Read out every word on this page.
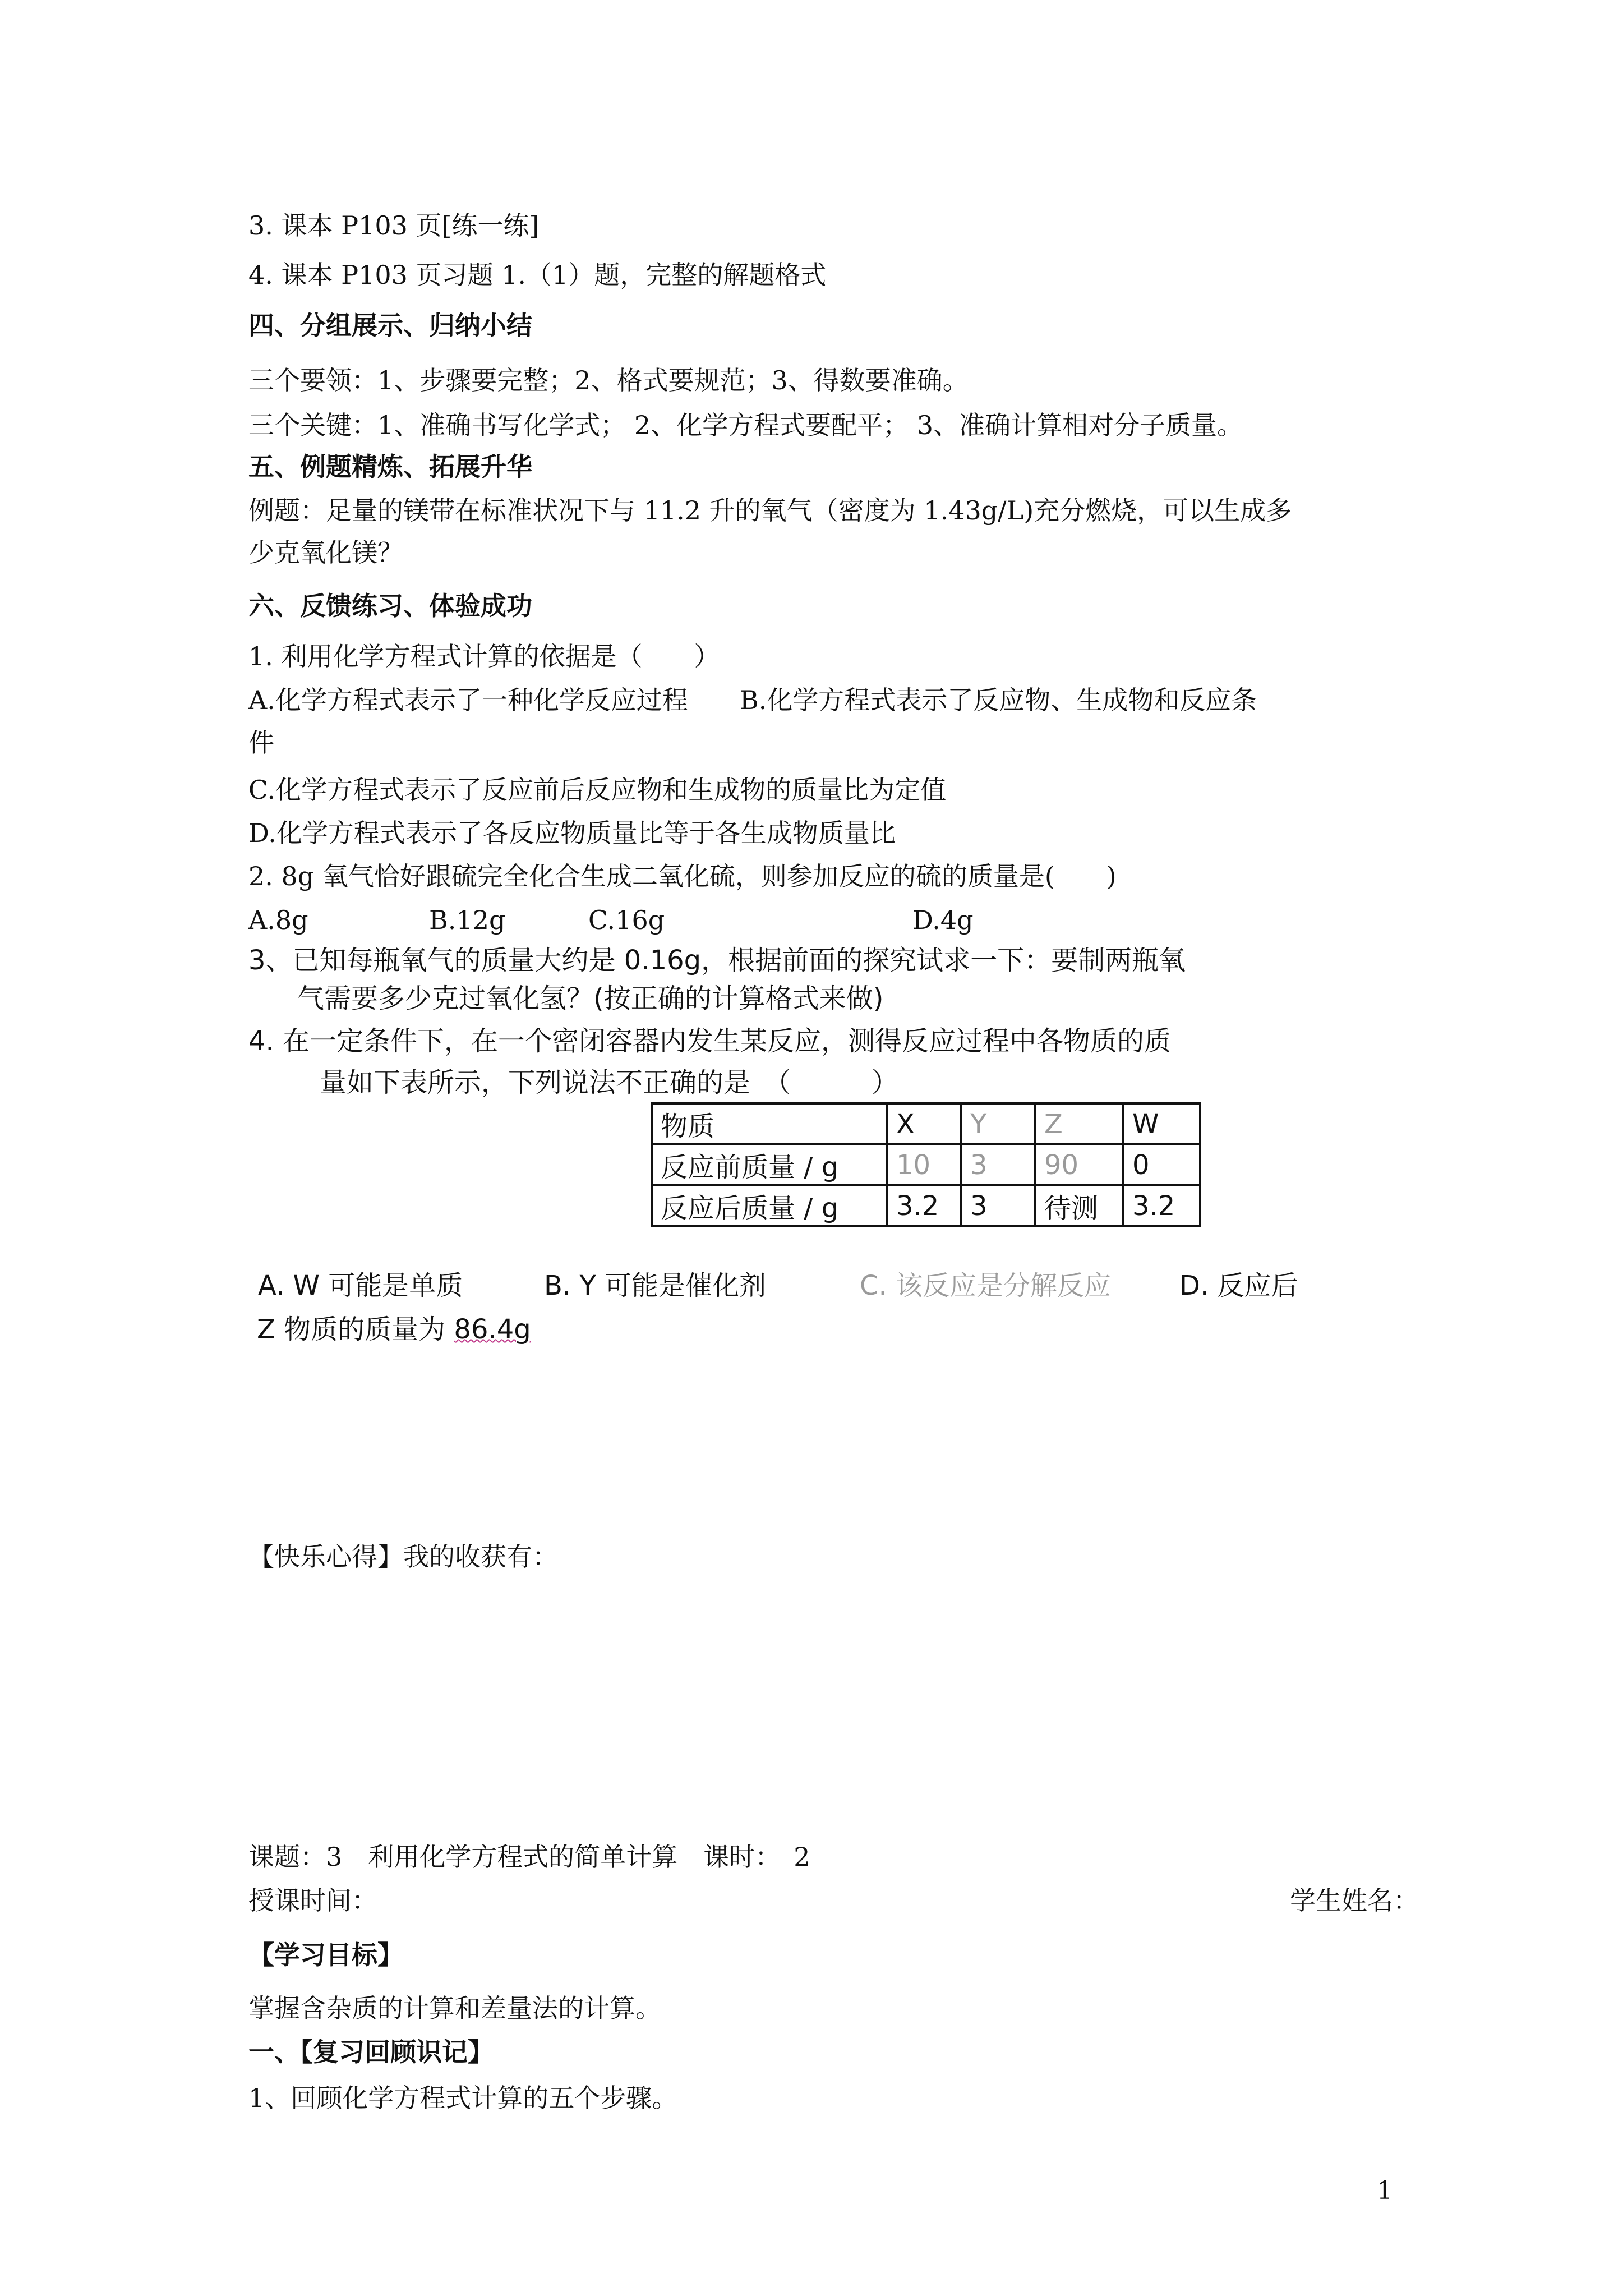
3. 课本 P103 页[练一练]
4. 课本 P103 页习题 1.（1）题，完整的解题格式
四、分组展示、归纳小结
三个要领：1、步骤要完整；2、格式要规范；3、得数要准确。
三个关键：1、准确书写化学式； 2、化学方程式要配平； 3、准确计算相对分子质量。
五、例题精炼、拓展升华
例题：足量的镁带在标准状况下与 11.2 升的氧气（密度为 1.43g/L)充分燃烧，可以生成多
少克氧化镁？
六、反馈练习、体验成功
1. 利用化学方程式计算的依据是（　　）
A.化学方程式表示了一种化学反应过程　　B.化学方程式表示了反应物、生成物和反应条
件
C.化学方程式表示了反应前后反应物和生成物的质量比为定值
D.化学方程式表示了各反应物质量比等于各生成物质量比
2. 8g 氧气恰好跟硫完全化合生成二氧化硫，则参加反应的硫的质量是(　　)
A.8g	B.12g	C.16g	D.4g
3、已知每瓶氧气的质量大约是 0.16g，根据前面的探究试求一下：要制两瓶氧
气需要多少克过氧化氢？(按正确的计算格式来做)
4. 在一定条件下，在一个密闭容器内发生某反应，测得反应过程中各物质的质
量如下表所示，下列说法不正确的是　（　　　）
物质	X	Y	Z	W
反应前质量 / g	10	3	90	0
反应后质量 / g	3.2	3	待测	3.2
A. W 可能是单质	B. Y 可能是催化剂	C. 该反应是分解反应	D. 反应后
Z 物质的质量为 86.4g
【快乐心得】我的收获有：
课题：3　利用化学方程式的简单计算　课时：　2
授课时间：	学生姓名：
【学习目标】
掌握含杂质的计算和差量法的计算。
一、【复习回顾识记】
1、回顾化学方程式计算的五个步骤。
1
